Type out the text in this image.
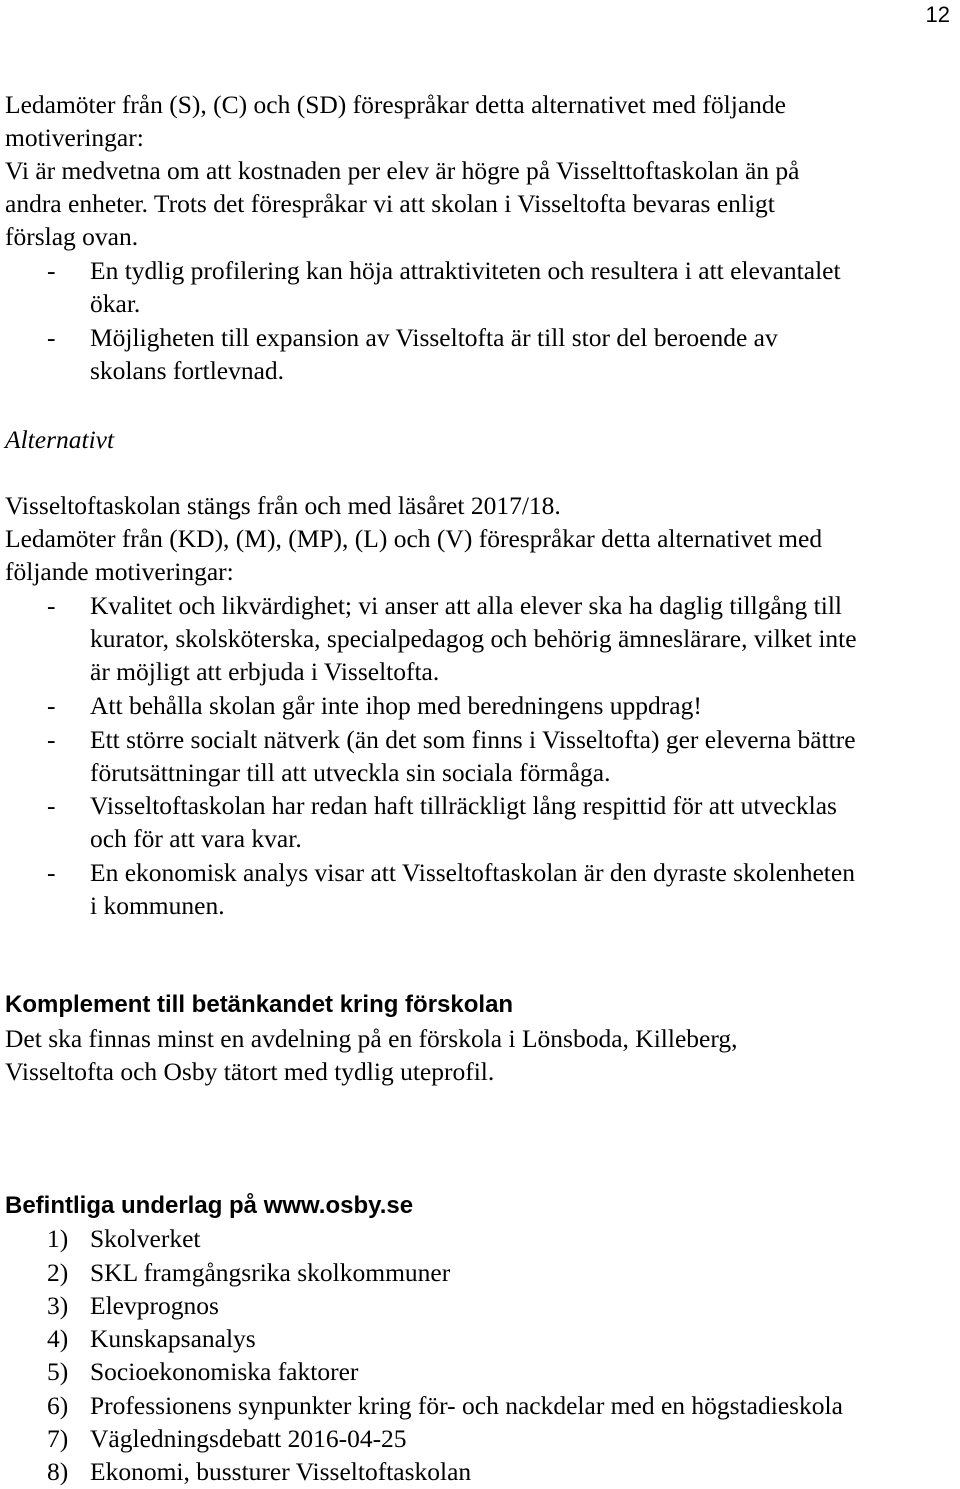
12
Ledamöter från (S), (C) och (SD) förespråkar detta alternativet med följande
motiveringar:
Vi är medvetna om att kostnaden per elev är högre på Visselttoftaskolan än på
andra enheter. Trots det förespråkar vi att skolan i Visseltofta bevaras enligt
förslag ovan.
- En tydlig profilering kan höja attraktiviteten och resultera i att elevantalet
ökar.
- Möjligheten till expansion av Visseltofta är till stor del beroende av
skolans fortlevnad.
Alternativt
Visseltoftaskolan stängs från och med läsåret 2017/18.
Ledamöter från (KD), (M), (MP), (L) och (V) förespråkar detta alternativet med
följande motiveringar:
- Kvalitet och likvärdighet; vi anser att alla elever ska ha daglig tillgång till
kurator, skolsköterska, specialpedagog och behörig ämneslärare, vilket inte
är möjligt att erbjuda i Visseltofta.
- Att behålla skolan går inte ihop med beredningens uppdrag!
- Ett större socialt nätverk (än det som finns i Visseltofta) ger eleverna bättre
förutsättningar till att utveckla sin sociala förmåga.
- Visseltoftaskolan har redan haft tillräckligt lång respittid för att utvecklas
och för att vara kvar.
- En ekonomisk analys visar att Visseltoftaskolan är den dyraste skolenheten
i kommunen.
Komplement till betänkandet kring förskolan
Det ska finnas minst en avdelning på en förskola i Lönsboda, Killeberg,
Visseltofta och Osby tätort med tydlig uteprofil.
Befintliga underlag på www.osby.se
1) Skolverket
2) SKL framgångsrika skolkommuner
3) Elevprognos
4) Kunskapsanalys
5) Socioekonomiska faktorer
6) Professionens synpunkter kring för- och nackdelar med en högstadieskola
7) Vägledningsdebatt 2016-04-25
8) Ekonomi, bussturer Visseltoftaskolan
